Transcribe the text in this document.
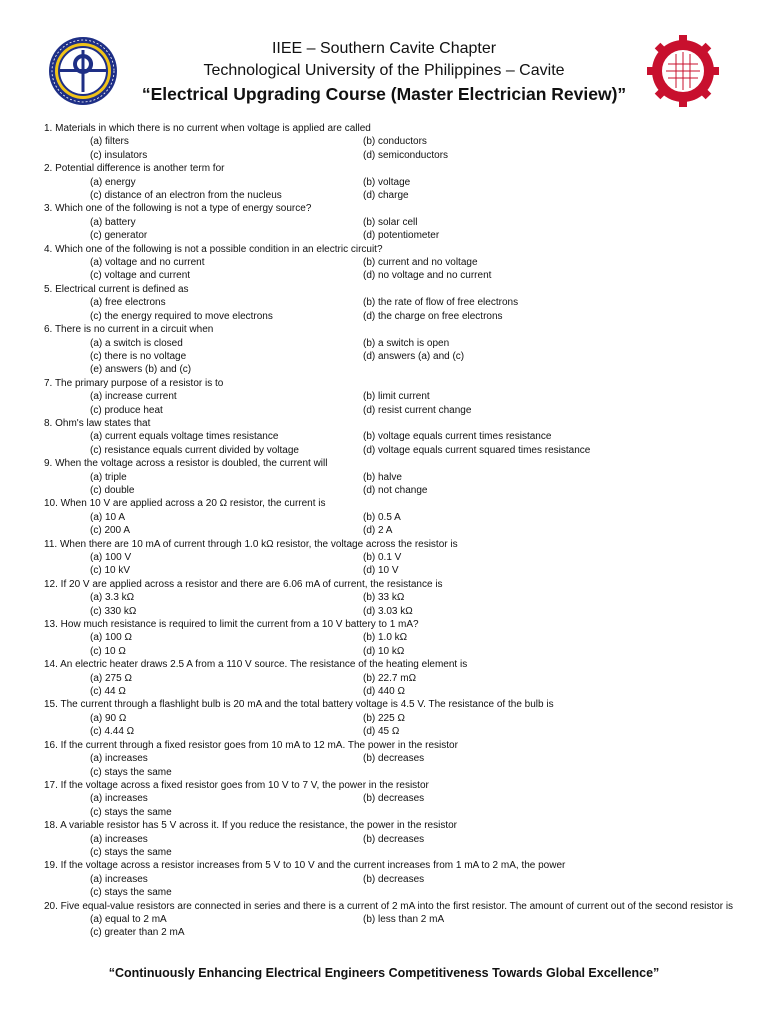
IIEE – Southern Cavite Chapter
Technological University of the Philippines – Cavite
“Electrical Upgrading Course (Master Electrician Review)”
1. Materials in which there is no current when voltage is applied are called
(a) filters	(b) conductors
(c) insulators	(d) semiconductors
2. Potential difference is another term for
(a) energy	(b) voltage
(c) distance of an electron from the nucleus	(d) charge
3. Which one of the following is not a type of energy source?
(a) battery	(b) solar cell
(c) generator	(d) potentiometer
4. Which one of the following is not a possible condition in an electric circuit?
(a) voltage and no current	(b) current and no voltage
(c) voltage and current	(d) no voltage and no current
5. Electrical current is defined as
(a) free electrons	(b) the rate of flow of free electrons
(c) the energy required to move electrons	(d) the charge on free electrons
6. There is no current in a circuit when
(a) a switch is closed	(b) a switch is open
(c) there is no voltage	(d) answers (a) and (c)
(e) answers (b) and (c)
7. The primary purpose of a resistor is to
(a) increase current	(b) limit current
(c) produce heat	(d) resist current change
8. Ohm's law states that
(a) current equals voltage times resistance	(b) voltage equals current times resistance
(c) resistance equals current divided by voltage	(d) voltage equals current squared times resistance
9. When the voltage across a resistor is doubled, the current will
(a) triple	(b) halve
(c) double	(d) not change
10. When 10 V are applied across a 20 Ω resistor, the current is
(a) 10 A	(b) 0.5 A
(c) 200 A	(d) 2 A
11. When there are 10 mA of current through 1.0 kΩ resistor, the voltage across the resistor is
(a) 100 V	(b) 0.1 V
(c) 10 kV	(d) 10 V
12. If 20 V are applied across a resistor and there are 6.06 mA of current, the resistance is
(a) 3.3 kΩ	(b) 33 kΩ
(c) 330 kΩ	(d) 3.03 kΩ
13. How much resistance is required to limit the current from a 10 V battery to 1 mA?
(a) 100 Ω	(b) 1.0 kΩ
(c) 10 Ω	(d) 10 kΩ
14. An electric heater draws 2.5 A from a 110 V source. The resistance of the heating element is
(a) 275 Ω	(b) 22.7 mΩ
(c) 44 Ω	(d) 440 Ω
15. The current through a flashlight bulb is 20 mA and the total battery voltage is 4.5 V. The resistance of the bulb is
(a) 90 Ω	(b) 225 Ω
(c) 4.44 Ω	(d) 45 Ω
16. If the current through a fixed resistor goes from 10 mA to 12 mA. The power in the resistor
(a) increases	(b) decreases
(c) stays the same
17. If the voltage across a fixed resistor goes from 10 V to 7 V, the power in the resistor
(a) increases	(b) decreases
(c) stays the same
18. A variable resistor has 5 V across it. If you reduce the resistance, the power in the resistor
(a) increases	(b) decreases
(c) stays the same
19. If the voltage across a resistor increases from 5 V to 10 V and the current increases from 1 mA to 2 mA, the power
(a) increases	(b) decreases
(c) stays the same
20. Five equal-value resistors are connected in series and there is a current of 2 mA into the first resistor. The amount of current out of the second resistor is
(a) equal to 2 mA	(b) less than 2 mA
(c) greater than 2 mA
“Continuously Enhancing Electrical Engineers Competitiveness Towards Global Excellence”
